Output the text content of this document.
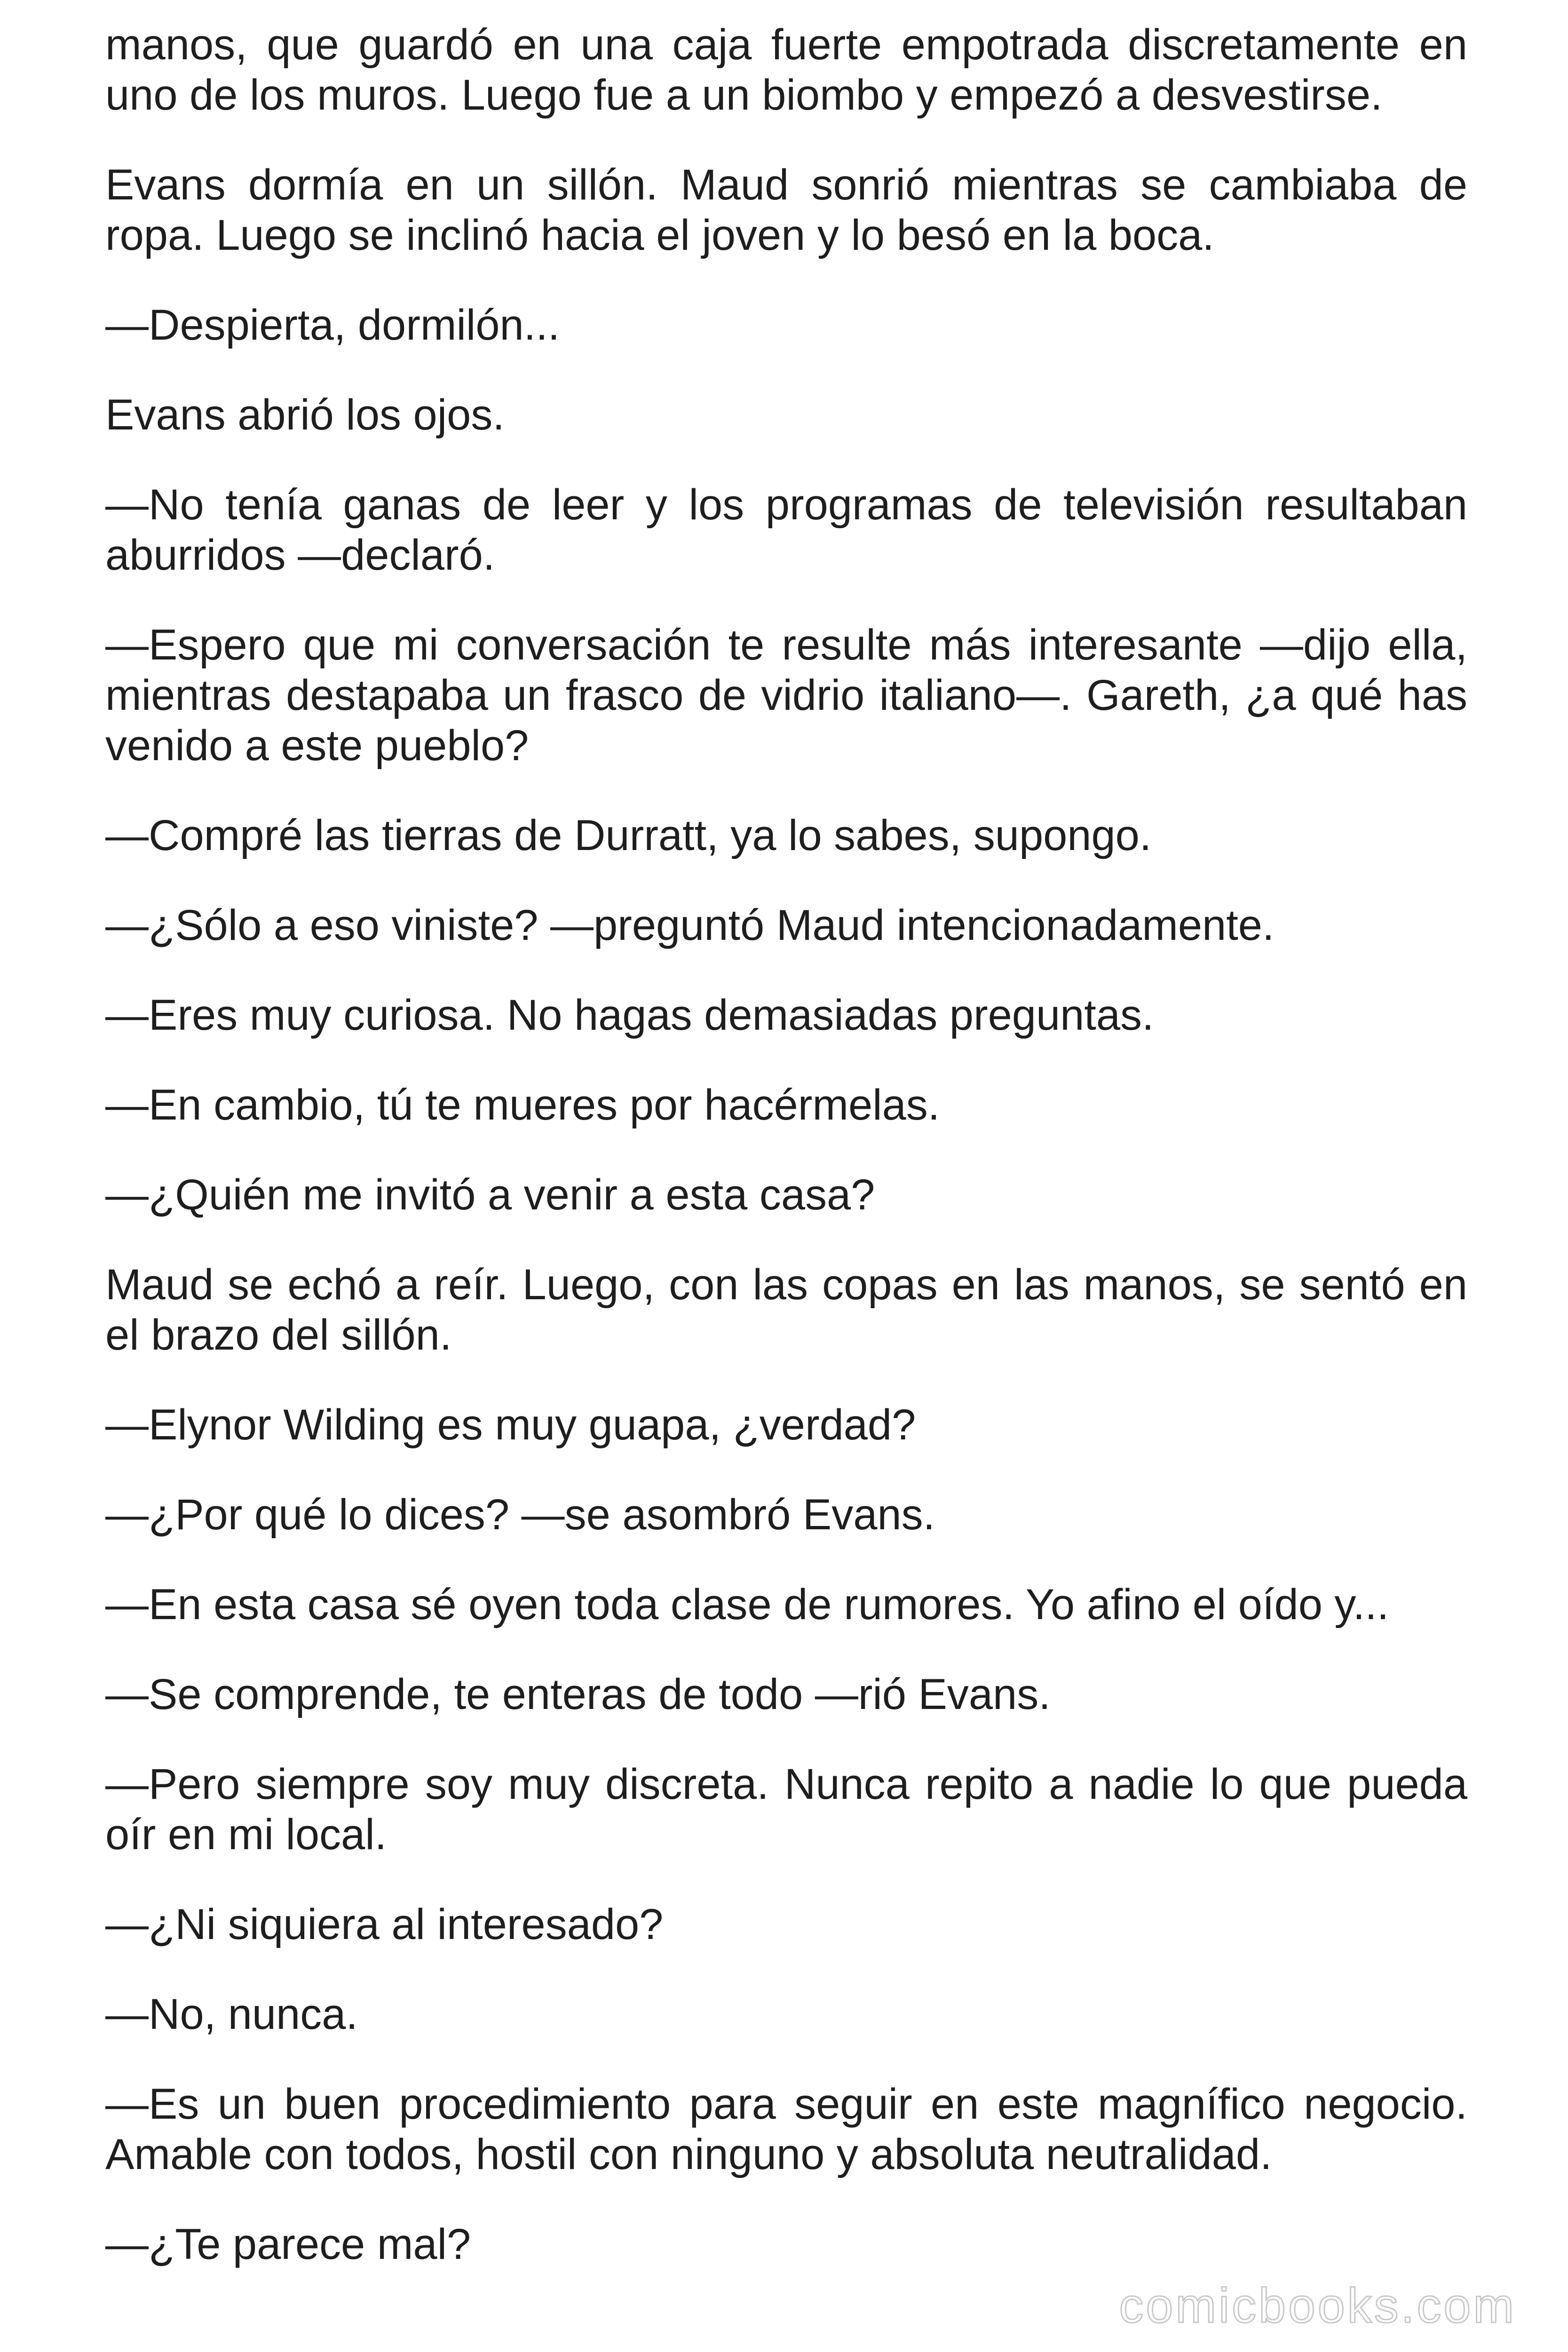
manos, que guardó en una caja fuerte empotrada discretamente en uno de los muros. Luego fue a un biombo y empezó a desvestirse.

Evans dormía en un sillón. Maud sonrió mientras se cambiaba de ropa. Luego se inclinó hacia el joven y lo besó en la boca.

—Despierta, dormilón...

Evans abrió los ojos.

—No tenía ganas de leer y los programas de televisión resultaban aburridos —declaró.

—Espero que mi conversación te resulte más interesante —dijo ella, mientras destapaba un frasco de vidrio italiano—. Gareth, ¿a qué has venido a este pueblo?

—Compré las tierras de Durratt, ya lo sabes, supongo.

—¿Sólo a eso viniste? —preguntó Maud intencionadamente.

—Eres muy curiosa. No hagas demasiadas preguntas.

—En cambio, tú te mueres por hacérmelas.

—¿Quién me invitó a venir a esta casa?

Maud se echó a reír. Luego, con las copas en las manos, se sentó en el brazo del sillón.

—Elynor Wilding es muy guapa, ¿verdad?

—¿Por qué lo dices? —se asombró Evans.

—En esta casa sé oyen toda clase de rumores. Yo afino el oído y...

—Se comprende, te enteras de todo —rió Evans.

—Pero siempre soy muy discreta. Nunca repito a nadie lo que pueda oír en mi local.

—¿Ni siquiera al interesado?

—No, nunca.

—Es un buen procedimiento para seguir en este magnífico negocio. Amable con todos, hostil con ninguno y absoluta neutralidad.

—¿Te parece mal?

comicbooks.com
